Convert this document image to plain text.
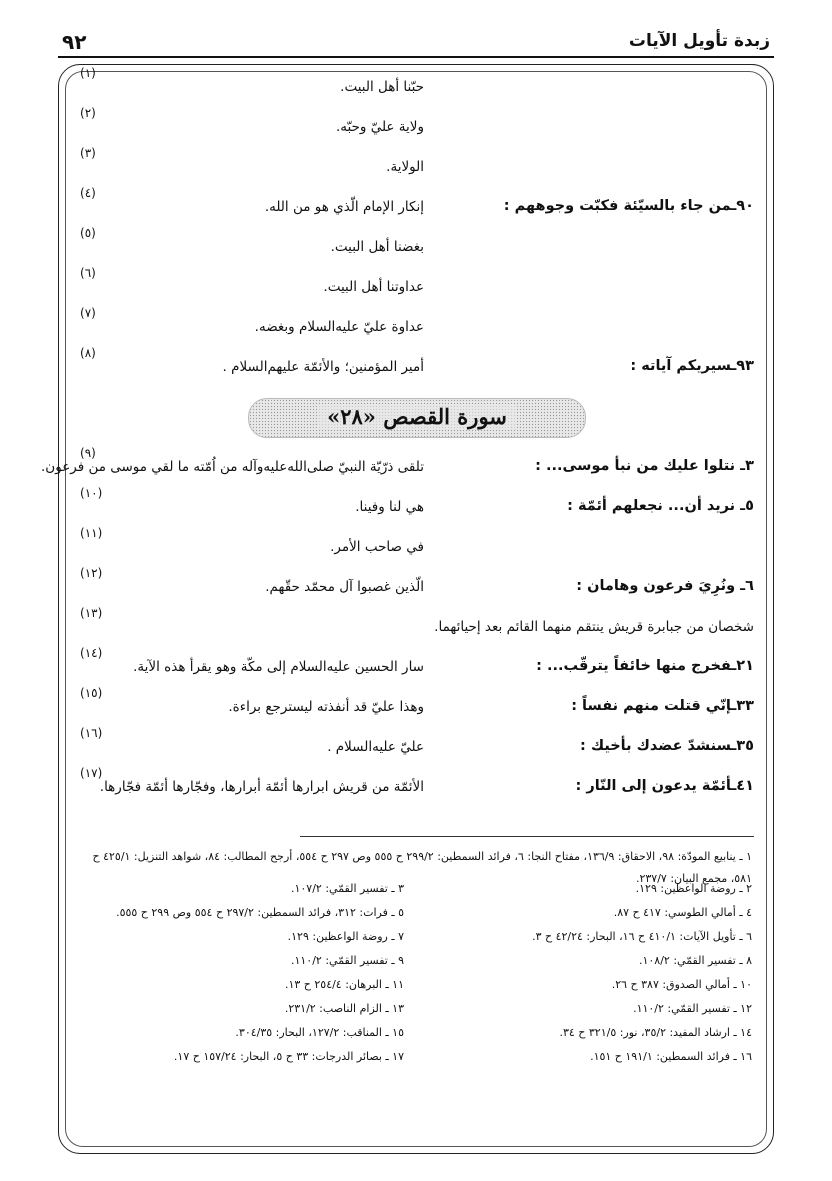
٩٢	زبدة تأويل الآيات
(١)
حبّنا أهل البيت.
(٢)
ولاية عليّ وحبّه.
(٣)
الولاية.
(٤)
٩٠ـمن جاء بالسيّئة فكبّت وجوههم :
إنكار الإمام الّذي هو من الله.
(٥)
بغضنا أهل البيت.
(٦)
عداوتنا أهل البيت.
(٧)
عداوة عليّ عليه‌السلام وبغضه.
(٨)
٩٣ـسيريكم آياته :
أمير المؤمنين؛ والأئمّة عليهم‌السلام .
سورة القصص «٢٨»
(٩)
٣ـ نتلوا عليك من نبأ موسى... :
تلقى ذرّيّة النبيّ صلى‌الله‌عليه‌وآله من اُمّته ما لقي موسى من فرعون.
(١٠)
٥ـ نريد أن... نجعلهم أئمّة :
هي لنا وفينا.
(١١)
في صاحب الأمر.
(١٢)
٦ـ ونُرِيَ فرعون وهامان :
الّذين غصبوا آل محمّد حقّهم.
(١٣)
شخصان من جبابرة قريش ينتقم منهما القائم بعد إحيائهما.
(١٤)
٢١ـفخرج منها خائفاً يترقّب... :
سار الحسين عليه‌السلام إلى مكّة وهو يقرأ هذه الآية.
(١٥)
٣٣ـإنّي قتلت منهم نفساً :
وهذا عليّ قد أنفذته ليسترجع براءة.
(١٦)
٣٥ـسنشدّ عضدك بأخيك :
عليّ عليه‌السلام .
(١٧)
٤١ـأئمّة يدعون إلى النّار :
الأئمّة من قريش ابرارها أئمّة أبرارها، وفجّارها أئمّة فجّارها.
١ ـ ينابيع المودّة: ٩٨، الاحقاق: ١٣٦/٩، مفتاح النجا: ٦، فرائد السمطين: ٢٩٩/٢ ح ٥٥٥ وص ٢٩٧ ح ٥٥٤، أرجح المطالب: ٨٤، شواهد التنزيل: ٤٢٥/١ ح ٥٨١، مجمع البيان: ٢٣٧/٧.
٢ ـ روضة الواعظين: ١٢٩.
٣ ـ تفسير القمّي: ١٠٧/٢.
٤ ـ أمالي الطوسي: ٤١٧ ح ٨٧.
٥ ـ فرات: ٣١٢، فرائد السمطين: ٢٩٧/٢ ح ٥٥٤ وص ٢٩٩ ح ٥٥٥.
٦ ـ تأويل الآيات: ٤١٠/١ ح ١٦، البحار: ٤٢/٢٤ ح ٣.
٧ ـ روضة الواعظين: ١٢٩.
٨ ـ تفسير القمّي: ١٠٨/٢.
٩ ـ تفسير القمّي: ١١٠/٢.
١٠ ـ أمالي الصدوق: ٣٨٧ ح ٢٦.
١١ ـ البرهان: ٢٥٤/٤ ح ١٣.
١٢ ـ تفسير القمّي: ١١٠/٢.
١٣ ـ الزام الناصب: ٢٣١/٢.
١٤ ـ ارشاد المفيد: ٣٥/٢، نور: ٣٢١/٥ ح ٣٤.
١٥ ـ المناقب: ١٢٧/٢، البحار: ٣٠٤/٣٥.
١٦ ـ فرائد السمطين: ١٩١/١ ح ١٥١.
١٧ ـ بصائر الدرجات: ٣٣ ح ٥، البحار: ١٥٧/٢٤ ح ١٧.
